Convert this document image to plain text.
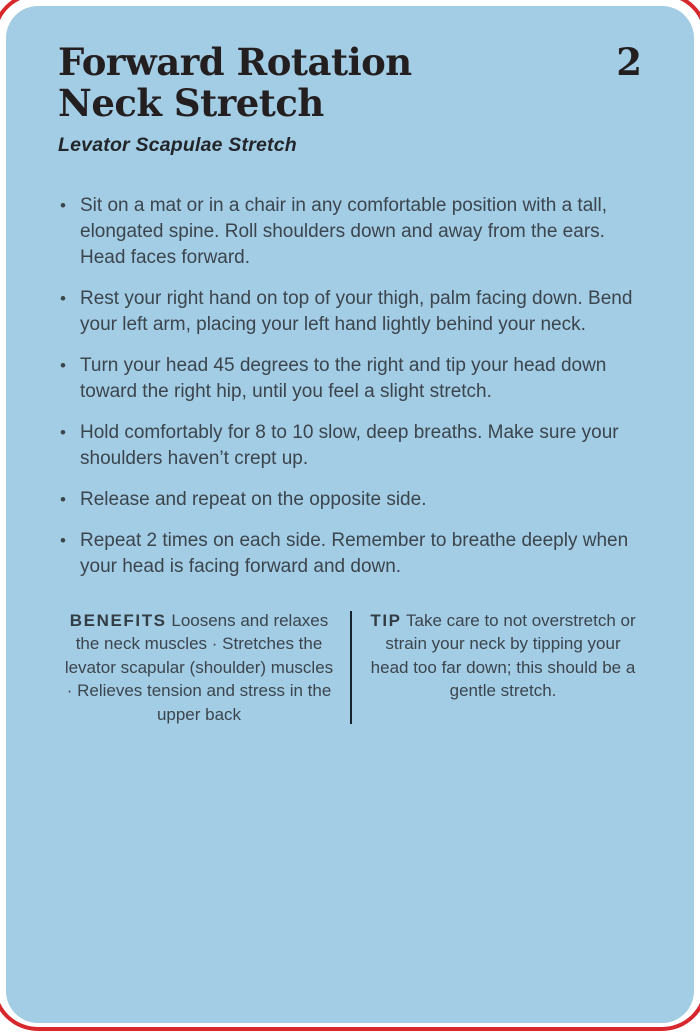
Forward Rotation
Neck Stretch
2
Levator Scapulae Stretch
• Sit on a mat or in a chair in any comfortable position with a tall, elongated spine. Roll shoulders down and away from the ears. Head faces forward.
• Rest your right hand on top of your thigh, palm facing down. Bend your left arm, placing your left hand lightly behind your neck.
• Turn your head 45 degrees to the right and tip your head down toward the right hip, until you feel a slight stretch.
• Hold comfortably for 8 to 10 slow, deep breaths. Make sure your shoulders haven’t crept up.
• Release and repeat on the opposite side.
• Repeat 2 times on each side. Remember to breathe deeply when your head is facing forward and down.

BENEFITS Loosens and relaxes the neck muscles · Stretches the levator scapular (shoulder) muscles · Relieves tension and stress in the upper back

TIP Take care to not overstretch or strain your neck by tipping your head too far down; this should be a gentle stretch.
